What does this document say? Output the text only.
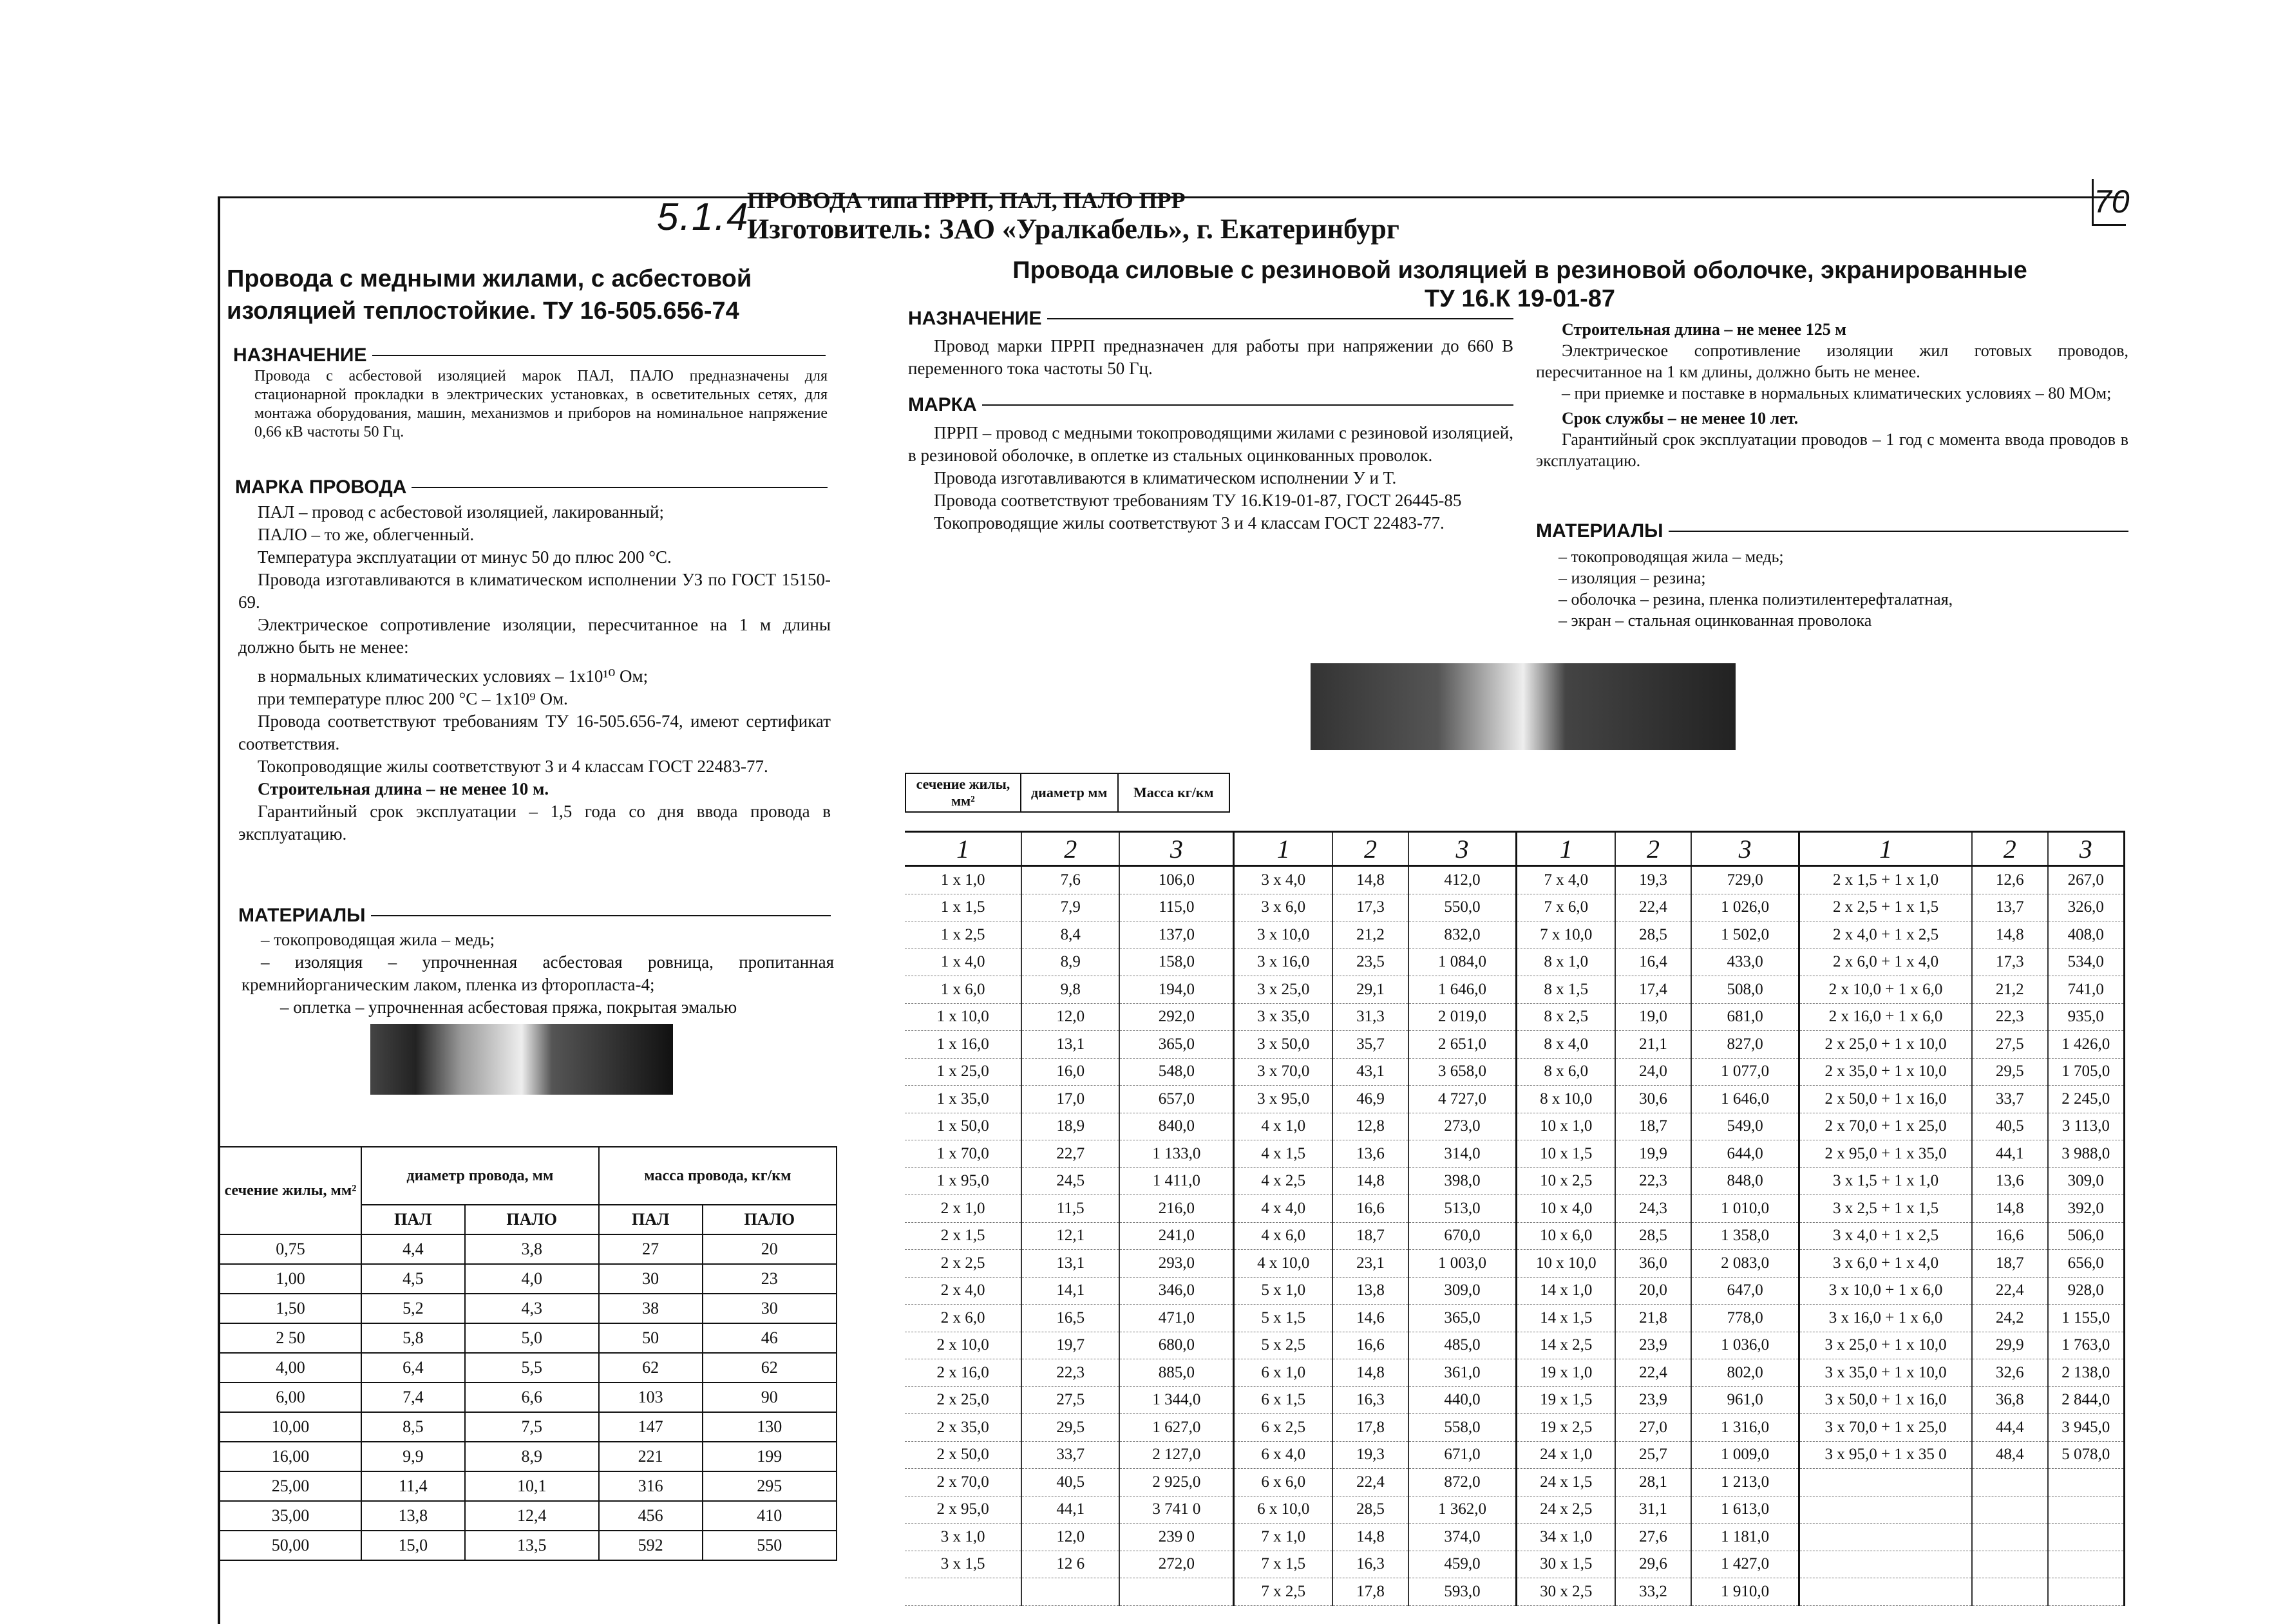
70
5.1.4
ПРОВОДА типа ПРРП, ПАЛ, ПАЛО ПРР
Изготовитель: ЗАО «Уралкабель», г. Екатеринбург
Провода с медными жилами, с асбестовой изоляцией теплостойкие. ТУ 16-505.656-74
НАЗНАЧЕНИЕ
Провода с асбестовой изоляцией марок ПАЛ, ПАЛО предназначены для стационарной прокладки в электрических установках, в осветительных сетях, для монтажа оборудования, машин, механизмов и приборов на номинальное напряжение 0,66 кВ частоты 50 Гц.
МАРКА ПРОВОДА

ПАЛ – провод с асбестовой изоляцией, лакированный;

ПАЛО – то же, облегченный.

Температура эксплуатации от минус 50 до плюс 200 °С.

Провода изготавливаются в климатическом исполнении УЗ по ГОСТ 15150-69.

Электрическое сопротивление изоляции, пересчитанное на 1 м длины должно быть не менее:

в нормальных климатических условиях – 1x10¹⁰ Ом;

при температуре плюс 200 °С – 1x10⁹ Ом.

Провода соответствуют требованиям ТУ 16-505.656-74, имеют сертификат соответствия.

Токопроводящие жилы соответствуют 3 и 4 классам ГОСТ 22483-77.

Строительная длина – не менее 10 м.

Гарантийный срок эксплуатации – 1,5 года со дня ввода провода в эксплуатацию.

МАТЕРИАЛЫ

– токопроводящая жила – медь;

– изоляция – упрочненная асбестовая ровница, пропитанная кремнийорганическим лаком, пленка из фторопласта-4;

– оплетка – упрочненная асбестовая пряжа, покрытая эмалью

сечение жилы, мм²	диаметр провода, мм		масса провода, кг/км	
	ПАЛ	ПАЛО	ПАЛ	ПАЛО
0,75	4,4	3,8	27	20
1,00	4,5	4,0	30	23
1,50	5,2	4,3	38	30
2 50	5,8	5,0	50	46
4,00	6,4	5,5	62	62
6,00	7,4	6,6	103	90
10,00	8,5	7,5	147	130
16,00	9,9	8,9	221	199
25,00	11,4	10,1	316	295
35,00	13,8	12,4	456	410
50,00	15,0	13,5	592	550
Провода силовые с резиновой изоляцией в резиновой оболочке, экранированные
ТУ 16.К 19-01-87
НАЗНАЧЕНИЕ
Провод марки ПРРП предназначен для работы при напряжении до 660 В переменного тока частоты 50 Гц.
МАРКА

ПРРП – провод с медными токопроводящими жилами с резиновой изоляцией, в резиновой оболочке, в оплетке из стальных оцинкованных проволок.

Провода изготавливаются в климатическом исполнении У и Т.

Провода соответствуют требованиям ТУ 16.К19-01-87, ГОСТ 26445-85

Токопроводящие жилы соответствуют 3 и 4 классам ГОСТ 22483-77.

Строительная длина – не менее 125 м

Электрическое сопротивление изоляции жил готовых проводов, пересчитанное на 1 км длины, должно быть не менее.

– при приемке и поставке в нормальных климатических условиях – 80 МОм;

Срок службы – не менее 10 лет.

Гарантийный срок эксплуатации проводов – 1 год с момента ввода проводов в эксплуатацию.

МАТЕРИАЛЫ

– токопроводящая жила – медь;

– изоляция – резина;

– оболочка – резина, пленка полиэтилентерефталатная,

– экран – стальная оцинкованная проволока

сечение жилы, мм²	диаметр мм	Масса кг/км
1	2	3	1	2	3	1	2	3	1	2	3
1 x 1,0	7,6	106,0	3 x 4,0	14,8	412,0	7 x 4,0	19,3	729,0	2 x 1,5 + 1 x 1,0	12,6	267,0
1 x 1,5	7,9	115,0	3 x 6,0	17,3	550,0	7 x 6,0	22,4	1 026,0	2 x 2,5 + 1 x 1,5	13,7	326,0
1 x 2,5	8,4	137,0	3 x 10,0	21,2	832,0	7 x 10,0	28,5	1 502,0	2 x 4,0 + 1 x 2,5	14,8	408,0
1 x 4,0	8,9	158,0	3 x 16,0	23,5	1 084,0	8 x 1,0	16,4	433,0	2 x 6,0 + 1 x 4,0	17,3	534,0
1 x 6,0	9,8	194,0	3 x 25,0	29,1	1 646,0	8 x 1,5	17,4	508,0	2 x 10,0 + 1 x 6,0	21,2	741,0
1 x 10,0	12,0	292,0	3 x 35,0	31,3	2 019,0	8 x 2,5	19,0	681,0	2 x 16,0 + 1 x 6,0	22,3	935,0
1 x 16,0	13,1	365,0	3 x 50,0	35,7	2 651,0	8 x 4,0	21,1	827,0	2 x 25,0 + 1 x 10,0	27,5	1 426,0
1 x 25,0	16,0	548,0	3 x 70,0	43,1	3 658,0	8 x 6,0	24,0	1 077,0	2 x 35,0 + 1 x 10,0	29,5	1 705,0
1 x 35,0	17,0	657,0	3 x 95,0	46,9	4 727,0	8 x 10,0	30,6	1 646,0	2 x 50,0 + 1 x 16,0	33,7	2 245,0
1 x 50,0	18,9	840,0	4 x 1,0	12,8	273,0	10 x 1,0	18,7	549,0	2 x 70,0 + 1 x 25,0	40,5	3 113,0
1 x 70,0	22,7	1 133,0	4 x 1,5	13,6	314,0	10 x 1,5	19,9	644,0	2 x 95,0 + 1 x 35,0	44,1	3 988,0
1 x 95,0	24,5	1 411,0	4 x 2,5	14,8	398,0	10 x 2,5	22,3	848,0	3 x 1,5 + 1 x 1,0	13,6	309,0
2 x 1,0	11,5	216,0	4 x 4,0	16,6	513,0	10 x 4,0	24,3	1 010,0	3 x 2,5 + 1 x 1,5	14,8	392,0
2 x 1,5	12,1	241,0	4 x 6,0	18,7	670,0	10 x 6,0	28,5	1 358,0	3 x 4,0 + 1 x 2,5	16,6	506,0
2 x 2,5	13,1	293,0	4 x 10,0	23,1	1 003,0	10 x 10,0	36,0	2 083,0	3 x 6,0 + 1 x 4,0	18,7	656,0
2 x 4,0	14,1	346,0	5 x 1,0	13,8	309,0	14 x 1,0	20,0	647,0	3 x 10,0 + 1 x 6,0	22,4	928,0
2 x 6,0	16,5	471,0	5 x 1,5	14,6	365,0	14 x 1,5	21,8	778,0	3 x 16,0 + 1 x 6,0	24,2	1 155,0
2 x 10,0	19,7	680,0	5 x 2,5	16,6	485,0	14 x 2,5	23,9	1 036,0	3 x 25,0 + 1 x 10,0	29,9	1 763,0
2 x 16,0	22,3	885,0	6 x 1,0	14,8	361,0	19 x 1,0	22,4	802,0	3 x 35,0 + 1 x 10,0	32,6	2 138,0
2 x 25,0	27,5	1 344,0	6 x 1,5	16,3	440,0	19 x 1,5	23,9	961,0	3 x 50,0 + 1 x 16,0	36,8	2 844,0
2 x 35,0	29,5	1 627,0	6 x 2,5	17,8	558,0	19 x 2,5	27,0	1 316,0	3 x 70,0 + 1 x 25,0	44,4	3 945,0
2 x 50,0	33,7	2 127,0	6 x 4,0	19,3	671,0	24 x 1,0	25,7	1 009,0	3 x 95,0 + 1 x 35 0	48,4	5 078,0
2 x 70,0	40,5	2 925,0	6 x 6,0	22,4	872,0	24 x 1,5	28,1	1 213,0			
2 x 95,0	44,1	3 741 0	6 x 10,0	28,5	1 362,0	24 x 2,5	31,1	1 613,0			
3 x 1,0	12,0	239 0	7 x 1,0	14,8	374,0	34 x 1,0	27,6	1 181,0			
3 x 1,5	12 6	272,0	7 x 1,5	16,3	459,0	30 x 1,5	29,6	1 427,0			
			7 x 2,5	17,8	593,0	30 x 2,5	33,2	1 910,0			
